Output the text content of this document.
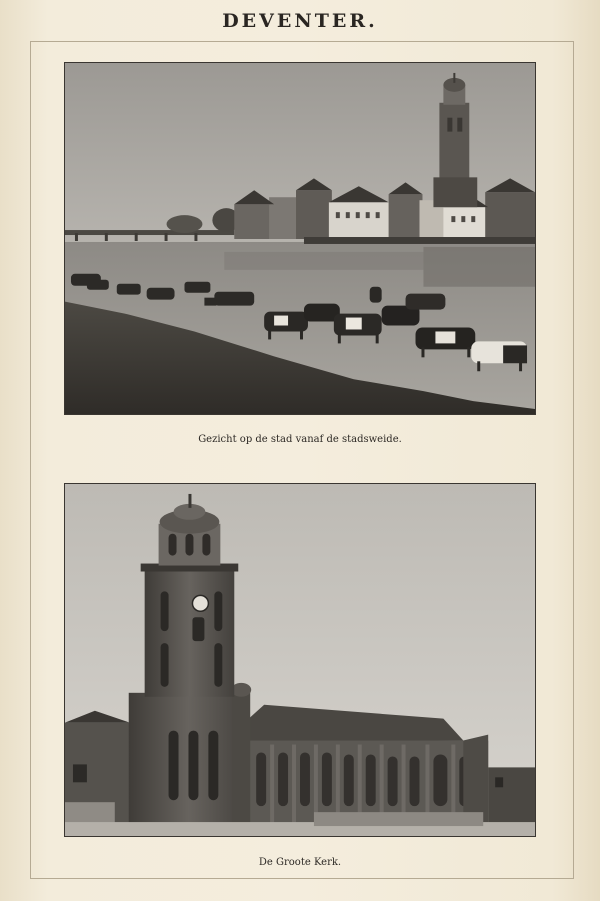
DEVENTER.
Gezicht op de stad vanaf de stadsweide.
De Groote Kerk.
